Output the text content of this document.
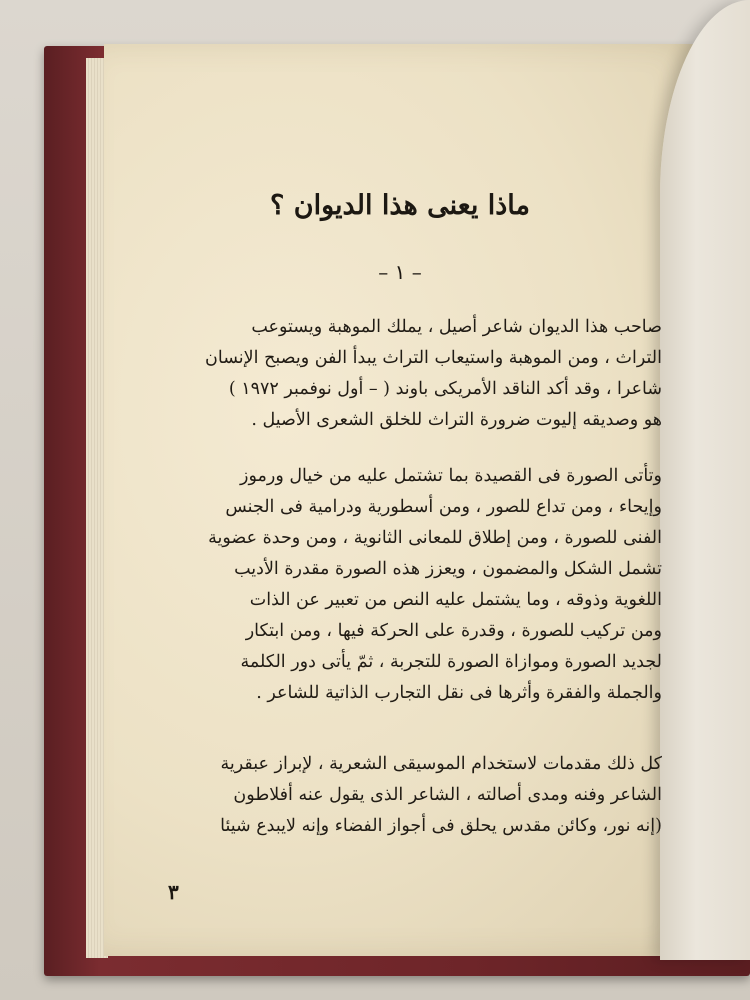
ماذا يعنى هذا الديوان ؟
– ١ –
صاحب هذا الديوان شاعر أصيل ، يملك الموهبة ويستوعب
التراث ، ومن الموهبة واستيعاب التراث يبدأ الفن ويصبح الإنسان
شاعرا ، وقد أكد الناقد الأمريكى باوند ( – أول نوفمبر ١٩٧٢ )
هو وصديقه إليوت ضرورة التراث للخلق الشعرى الأصيل .
وتأتى الصورة فى القصيدة بما تشتمل عليه من خيال ورموز
وإيحاء ، ومن تداع للصور ، ومن أسطورية ودرامية فى الجنس
الفنى للصورة ، ومن إطلاق للمعانى الثانوية ، ومن وحدة عضوية
تشمل الشكل والمضمون ، ويعزز هذه الصورة مقدرة الأديب
اللغوية وذوقه ، وما يشتمل عليه النص من تعبير عن الذات
ومن تركيب للصورة ، وقدرة على الحركة فيها ، ومن ابتكار
لجديد الصورة وموازاة الصورة للتجربة ، ثمّ يأتى دور الكلمة
والجملة والفقرة وأثرها فى نقل التجارب الذاتية للشاعر .
كل ذلك مقدمات لاستخدام الموسيقى الشعرية ، لإبراز عبقرية
الشاعر وفنه ومدى أصالته ، الشاعر الذى يقول عنه أفلاطون
(إنه نور، وكائن مقدس يحلق فى أجواز الفضاء وإنه لايبدع شيئا
٣
